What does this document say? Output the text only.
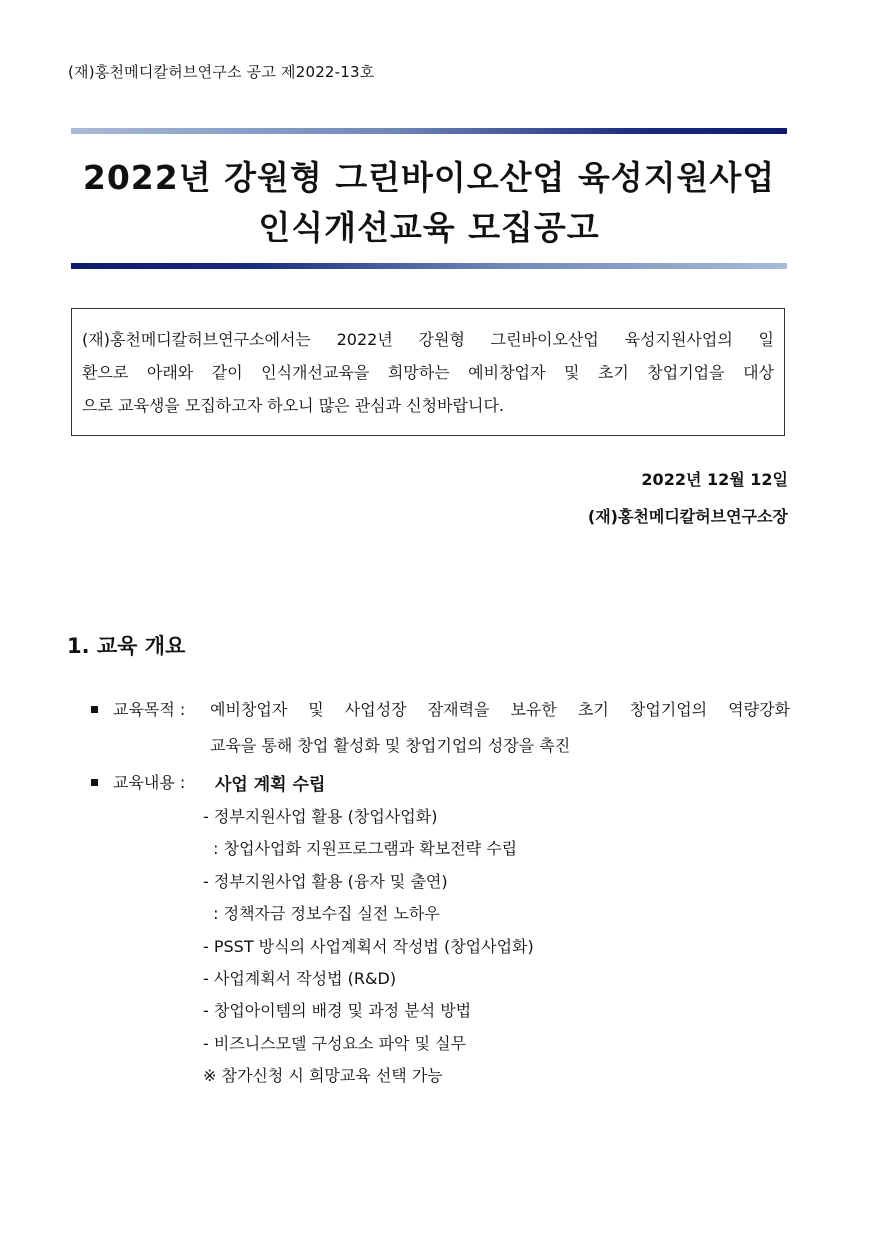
(재)홍천메디칼허브연구소 공고 제2022-13호
2022년 강원형 그린바이오산업 육성지원사업
인식개선교육 모집공고
(재)홍천메디칼허브연구소에서는 2022년 강원형 그린바이오산업 육성지원사업의 일
환으로 아래와 같이 인식개선교육을 희망하는 예비창업자 및 초기 창업기업을 대상
으로 교육생을 모집하고자 하오니 많은 관심과 신청바랍니다.
2022년 12월 12일
(재)홍천메디칼허브연구소장
1. 교육 개요
교육목적 : 예비창업자 및 사업성장 잠재력을 보유한 초기 창업기업의 역량강화
교육을 통해 창업 활성화 및 창업기업의 성장을 촉진
교육내용 : 사업 계획 수립
- 정부지원사업 활용 (창업사업화)
: 창업사업화 지원프로그램과 확보전략 수립
- 정부지원사업 활용 (융자 및 출연)
: 정책자금 정보수집 실전 노하우
- PSST 방식의 사업계획서 작성법 (창업사업화)
- 사업계획서 작성법 (R&D)
- 창업아이템의 배경 및 과정 분석 방법
- 비즈니스모델 구성요소 파악 및 실무
※ 참가신청 시 희망교육 선택 가능
